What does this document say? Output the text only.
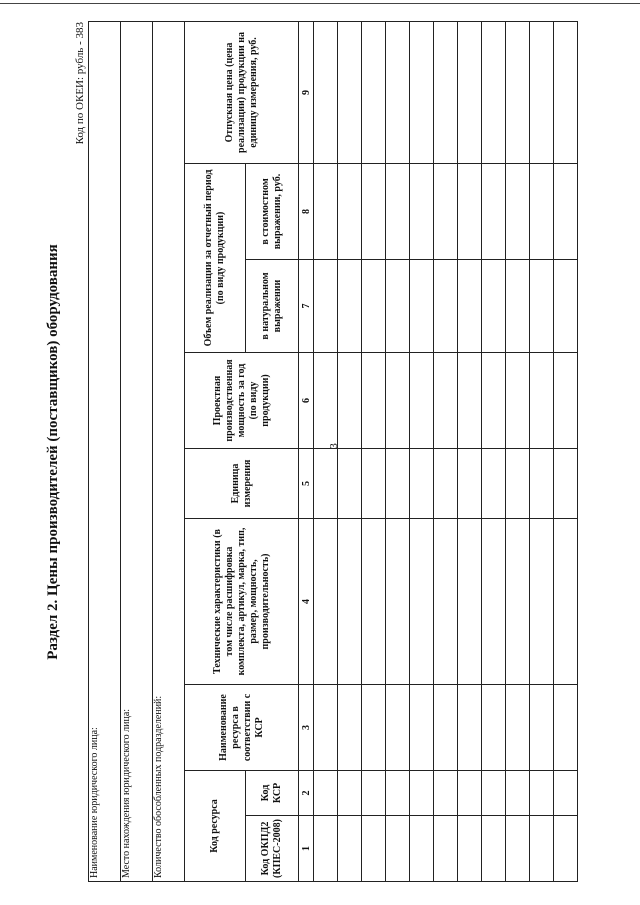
3
Раздел 2. Цены производителей (поставщиков) оборудования
Код по ОКЕИ: рубль - 383
Наименование юридического лица:								
Место нахождения юридического лица:								
Количество обособленных подразделений:								
Код ресурса		Наименование ресурса в соответствии с КСР	Технические характеристики (в том числе расшифровка комплекта, артикул, марка, тип, размер, мощность, производительность)	Единица измерения	Проектная производственная мощность за год (по виду продукции)	Объем реализации за отчетный период (по виду продукции)		Отпускная цена (цена реализации) продукции на единицу измерения, руб.
Код ОКПД2 (КПЕС-2008)	Код КСР					в натуральном выражении	в стоимостном выражении, руб.	
1	2	3	4	5	6	7	8	9
